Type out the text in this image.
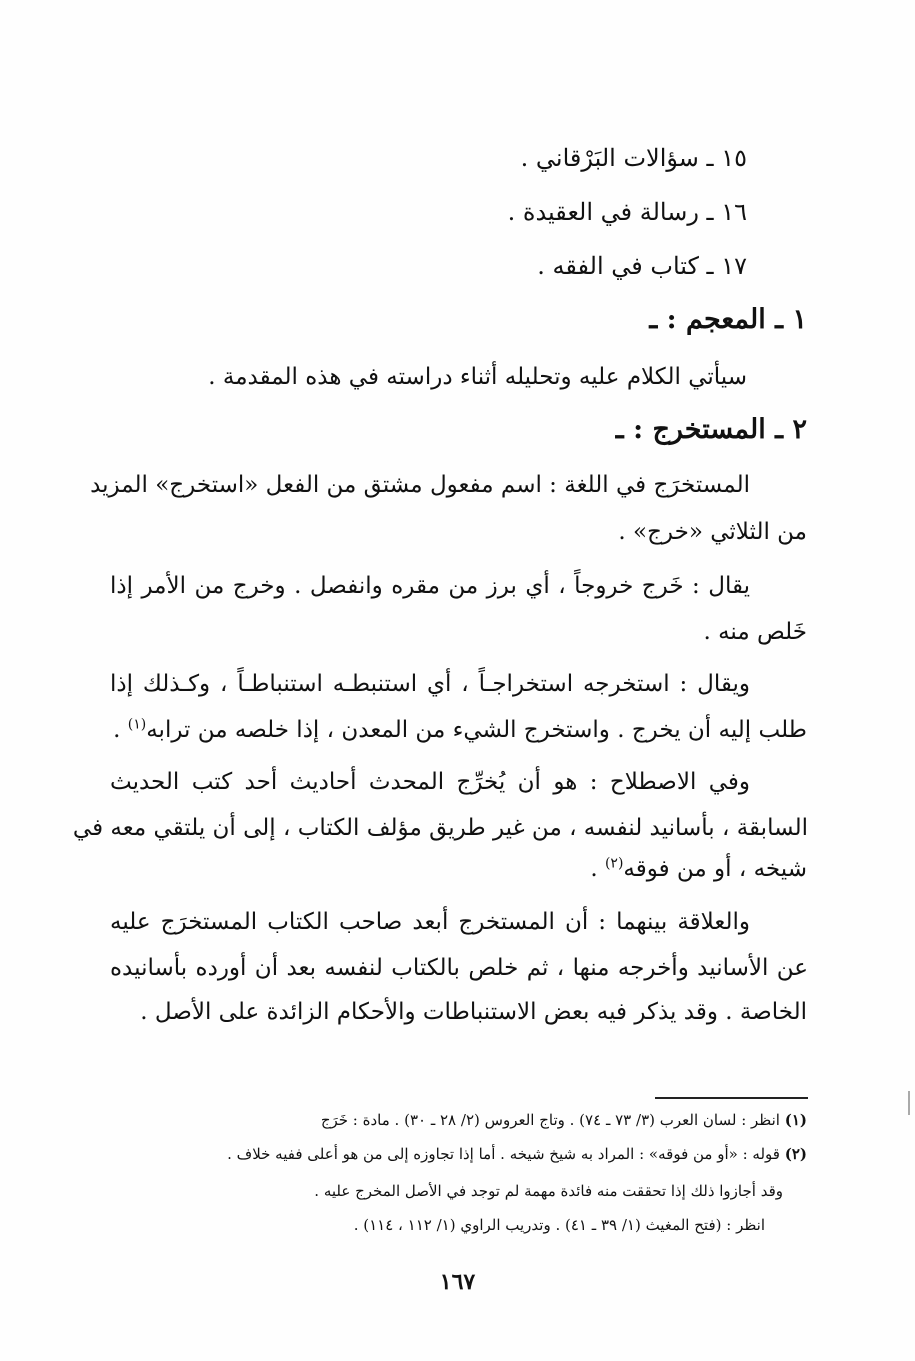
١٥ ـ سؤالات البَرْقاني .
١٦ ـ رسالة في العقيدة .
١٧ ـ كتاب في الفقه .
١ ـ المعجم : ـ
سيأتي الكلام عليه وتحليله أثناء دراسته في هذه المقدمة .
٢ ـ المستخرج : ـ
المستخرَج في اللغة : اسم مفعول مشتق من الفعل «استخرج» المزيد
من الثلاثي «خرج» .
يقال : خَرج خروجاً ، أي برز من مقره وانفصل . وخرج من الأمر إذا
خَلص منه .
ويقال : استخرجه استخراجـاً ، أي استنبطـه استنباطـاً ، وكـذلك إذا
طلب إليه أن يخرج . واستخرج الشيء من المعدن ، إذا خلصه من ترابه$^{(١)}$ .
وفي الاصطلاح : هو أن يُخرِّج المحدث أحاديث أحد كتب الحديث
السابقة ، بأسانيد لنفسه ، من غير طريق مؤلف الكتاب ، إلى أن يلتقي معه في
شيخه ، أو من فوقه$^{(٢)}$ .
والعلاقة بينهما : أن المستخرج أبعد صاحب الكتاب المستخرَج عليه
عن الأسانيد وأخرجه منها ، ثم خلص بالكتاب لنفسه بعد أن أورده بأسانيده
الخاصة . وقد يذكر فيه بعض الاستنباطات والأحكام الزائدة على الأصل .
(١) انظر : لسان العرب (٣/ ٧٣ ـ ٧٤) . وتاج العروس (٢/ ٢٨ ـ ٣٠) . مادة : خَرَج
(٢) قوله : «أو من فوقه» : المراد به شيخ شيخه . أما إذا تجاوزه إلى من هو أعلى ففيه خلاف .
وقد أجازوا ذلك إذا تحققت منه فائدة مهمة لم توجد في الأصل المخرج عليه .
انظر : (فتح المغيث (١/ ٣٩ ـ ٤١) . وتدريب الراوي (١/ ١١٢ ، ١١٤) .
١٦٧
